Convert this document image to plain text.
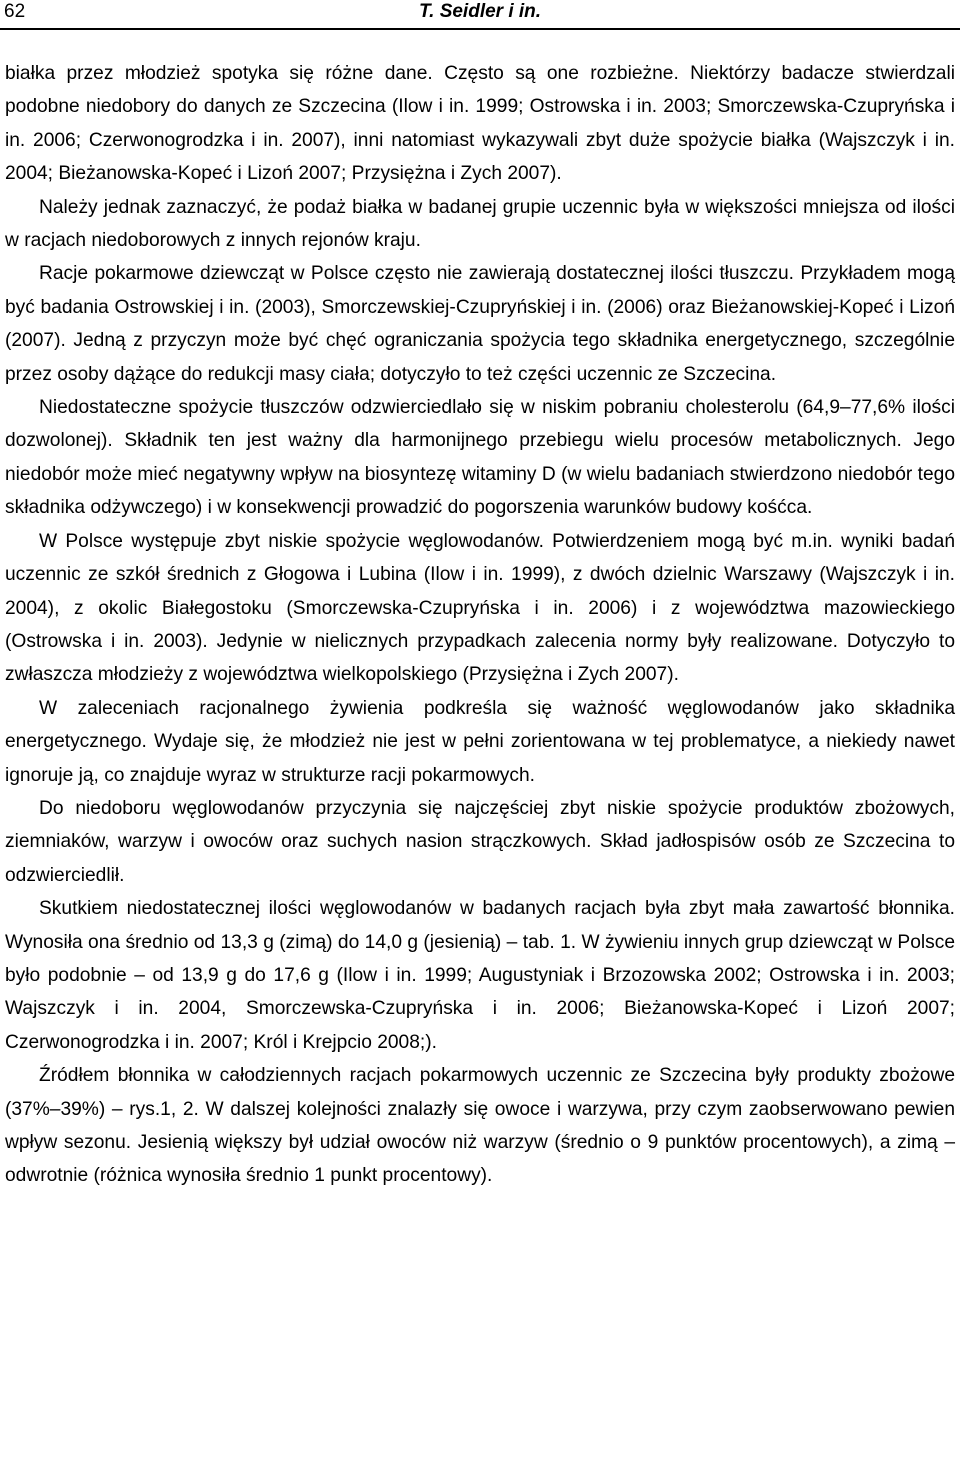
62	T. Seidler i in.

białka przez młodzież spotyka się różne dane. Często są one rozbieżne. Niektórzy badacze stwierdzali podobne niedobory do danych ze Szczecina (Ilow i in. 1999; Ostrowska i in. 2003; Smorczewska-Czupryńska i in. 2006; Czerwonogrodzka i in. 2007), inni natomiast wykazywali zbyt duże spożycie białka (Wajszczyk i in. 2004; Bieżanowska-Kopeć i Lizoń 2007; Przysiężna i Zych 2007).

Należy jednak zaznaczyć, że podaż białka w badanej grupie uczennic była w większości mniejsza od ilości w racjach niedoborowych z innych rejonów kraju.

Racje pokarmowe dziewcząt w Polsce często nie zawierają dostatecznej ilości tłuszczu. Przykładem mogą być badania Ostrowskiej i in. (2003), Smorczewskiej-Czupryńskiej i in. (2006) oraz Bieżanowskiej-Kopeć i Lizoń (2007). Jedną z przyczyn może być chęć ograniczania spożycia tego składnika energetycznego, szczególnie przez osoby dążące do redukcji masy ciała; dotyczyło to też części uczennic ze Szczecina.

Niedostateczne spożycie tłuszczów odzwierciedlało się w niskim pobraniu cholesterolu (64,9–77,6% ilości dozwolonej). Składnik ten jest ważny dla harmonijnego przebiegu wielu procesów metabolicznych. Jego niedobór może mieć negatywny wpływ na biosyntezę witaminy D (w wielu badaniach stwierdzono niedobór tego składnika odżywczego) i w konsekwencji prowadzić do pogorszenia warunków budowy kośćca.

W Polsce występuje zbyt niskie spożycie węglowodanów. Potwierdzeniem mogą być m.in. wyniki badań uczennic ze szkół średnich z Głogowa i Lubina (Ilow i in. 1999), z dwóch dzielnic Warszawy (Wajszczyk i in. 2004), z okolic Białegostoku (Smorczewska-Czupryńska i in. 2006) i z województwa mazowieckiego (Ostrowska i in. 2003). Jedynie w nielicznych przypadkach zalecenia normy były realizowane. Dotyczyło to zwłaszcza młodzieży z województwa wielkopolskiego (Przysiężna i Zych 2007).

W zaleceniach racjonalnego żywienia podkreśla się ważność węglowodanów jako składnika energetycznego. Wydaje się, że młodzież nie jest w pełni zorientowana w tej problematyce, a niekiedy nawet ignoruje ją, co znajduje wyraz w strukturze racji pokarmowych.

Do niedoboru węglowodanów przyczynia się najczęściej zbyt niskie spożycie produktów zbożowych, ziemniaków, warzyw i owoców oraz suchych nasion strączkowych. Skład jadłospisów osób ze Szczecina to odzwierciedlił.

Skutkiem niedostatecznej ilości węglowodanów w badanych racjach była zbyt mała zawartość błonnika. Wynosiła ona średnio od 13,3 g (zimą) do 14,0 g (jesienią) – tab. 1. W żywieniu innych grup dziewcząt w Polsce było podobnie – od 13,9 g do 17,6 g (Ilow i in. 1999; Augustyniak i Brzozowska 2002; Ostrowska i in. 2003; Wajszczyk i in. 2004, Smorczewska-Czupryńska i in. 2006; Bieżanowska-Kopeć i Lizoń 2007; Czerwonogrodzka i in. 2007; Król i Krejpcio 2008;).

Źródłem błonnika w całodziennych racjach pokarmowych uczennic ze Szczecina były produkty zbożowe (37%–39%) – rys.1, 2. W dalszej kolejności znalazły się owoce i warzywa, przy czym zaobserwowano pewien wpływ sezonu. Jesienią większy był udział owoców niż warzyw (średnio o 9 punktów procentowych), a zimą – odwrotnie (różnica wynosiła średnio 1 punkt procentowy).
